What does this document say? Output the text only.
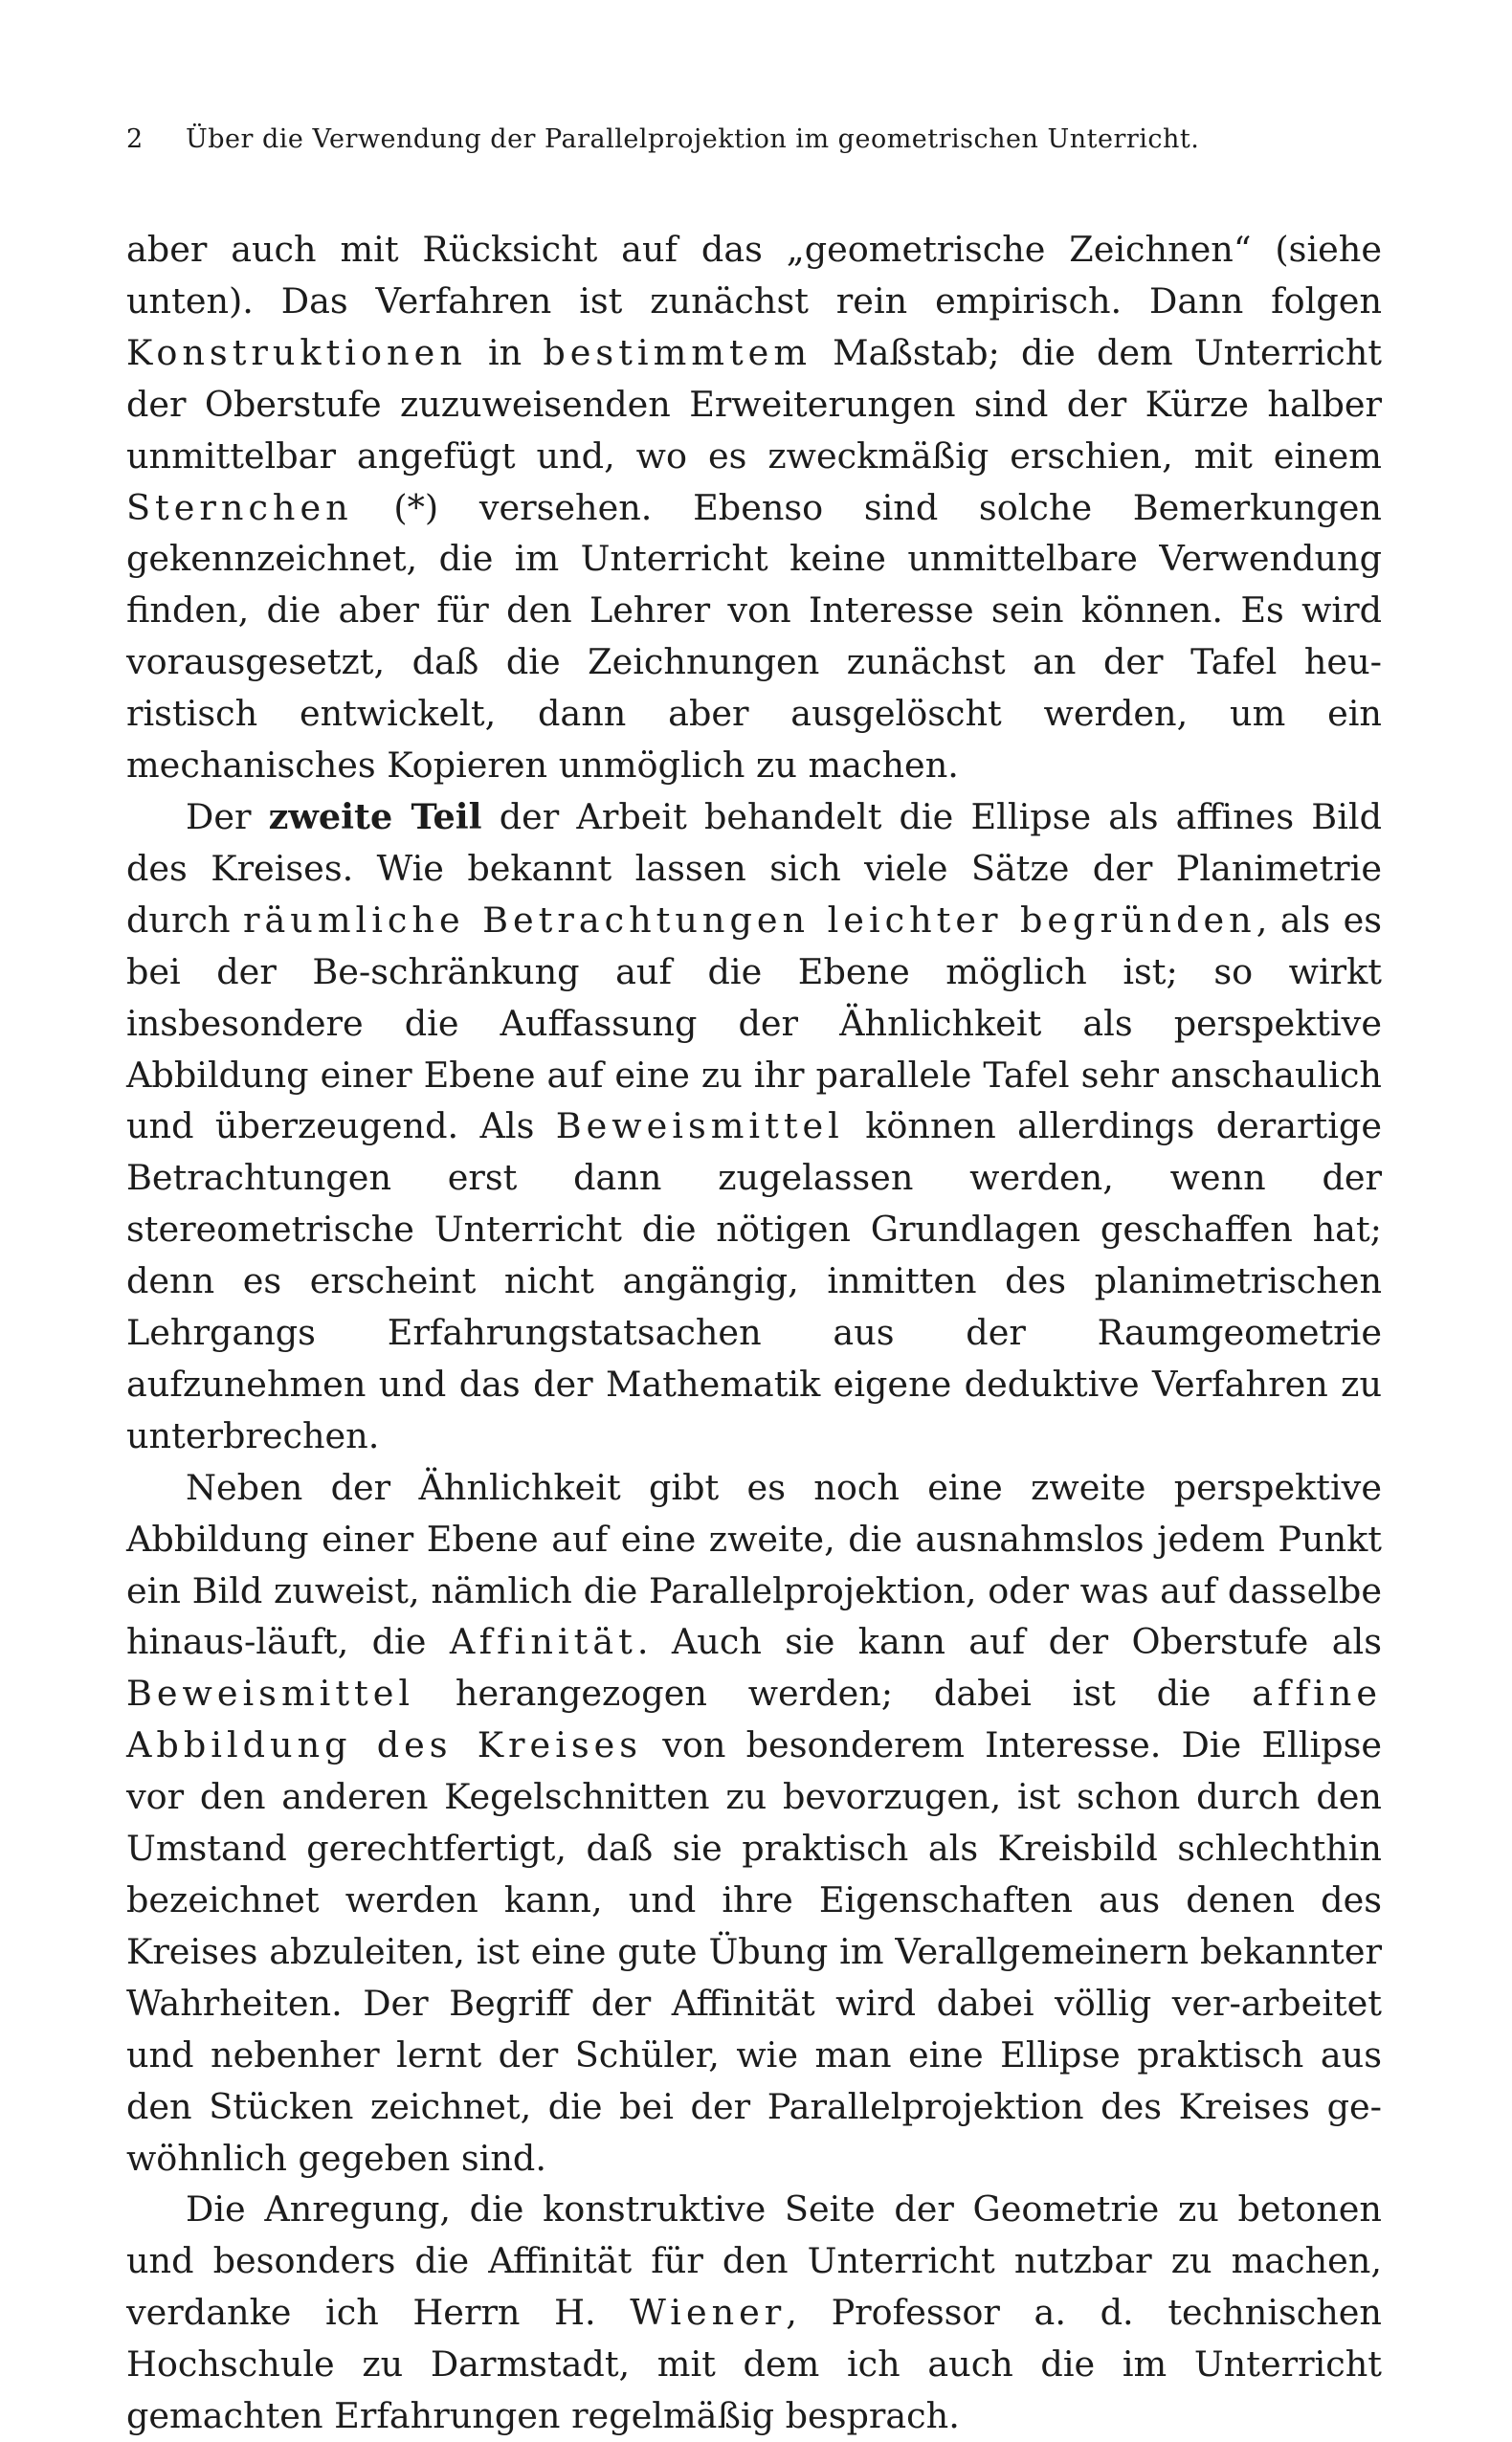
2	Über die Verwendung der Parallelprojektion im geometrischen Unterricht.

aber auch mit Rücksicht auf das „geometrische Zeichnen“ (siehe unten). Das Verfahren ist zunächst rein empirisch. Dann folgen Konstruktionen in bestimmtem Maßstab; die dem Unterricht der Oberstufe zuzuweisenden Erweiterungen sind der Kürze halber unmittelbar angefügt und, wo es zweckmäßig erschien, mit einem Sternchen (*) versehen. Ebenso sind solche Bemerkungen gekennzeichnet, die im Unterricht keine unmittelbare Verwendung finden, die aber für den Lehrer von Interesse sein können. Es wird vorausgesetzt, daß die Zeichnungen zunächst an der Tafel heu-ristisch entwickelt, dann aber ausgelöscht werden, um ein mechanisches Kopieren unmöglich zu machen.

Der zweite Teil der Arbeit behandelt die Ellipse als affines Bild des Kreises. Wie bekannt lassen sich viele Sätze der Planimetrie durch räumliche Betrachtungen leichter begründen, als es bei der Be-schränkung auf die Ebene möglich ist; so wirkt insbesondere die Auffassung der Ähnlichkeit als perspektive Abbildung einer Ebene auf eine zu ihr parallele Tafel sehr anschaulich und überzeugend. Als Beweismittel können allerdings derartige Betrachtungen erst dann zugelassen werden, wenn der stereometrische Unterricht die nötigen Grundlagen geschaffen hat; denn es erscheint nicht angängig, inmitten des planimetrischen Lehrgangs Erfahrungstatsachen aus der Raumgeometrie aufzunehmen und das der Mathematik eigene deduktive Verfahren zu unterbrechen.

Neben der Ähnlichkeit gibt es noch eine zweite perspektive Abbildung einer Ebene auf eine zweite, die ausnahmslos jedem Punkt ein Bild zuweist, nämlich die Parallelprojektion, oder was auf dasselbe hinaus-läuft, die Affinität. Auch sie kann auf der Oberstufe als Beweismittel herangezogen werden; dabei ist die affine Abbildung des Kreises von besonderem Interesse. Die Ellipse vor den anderen Kegelschnitten zu bevorzugen, ist schon durch den Umstand gerechtfertigt, daß sie praktisch als Kreisbild schlechthin bezeichnet werden kann, und ihre Eigenschaften aus denen des Kreises abzuleiten, ist eine gute Übung im Verallgemeinern bekannter Wahrheiten. Der Begriff der Affinität wird dabei völlig ver-arbeitet und nebenher lernt der Schüler, wie man eine Ellipse praktisch aus den Stücken zeichnet, die bei der Parallelprojektion des Kreises ge-wöhnlich gegeben sind.

Die Anregung, die konstruktive Seite der Geometrie zu betonen und besonders die Affinität für den Unterricht nutzbar zu machen, verdanke ich Herrn H. Wiener, Professor a. d. technischen Hochschule zu Darmstadt, mit dem ich auch die im Unterricht gemachten Erfahrungen regelmäßig besprach.
